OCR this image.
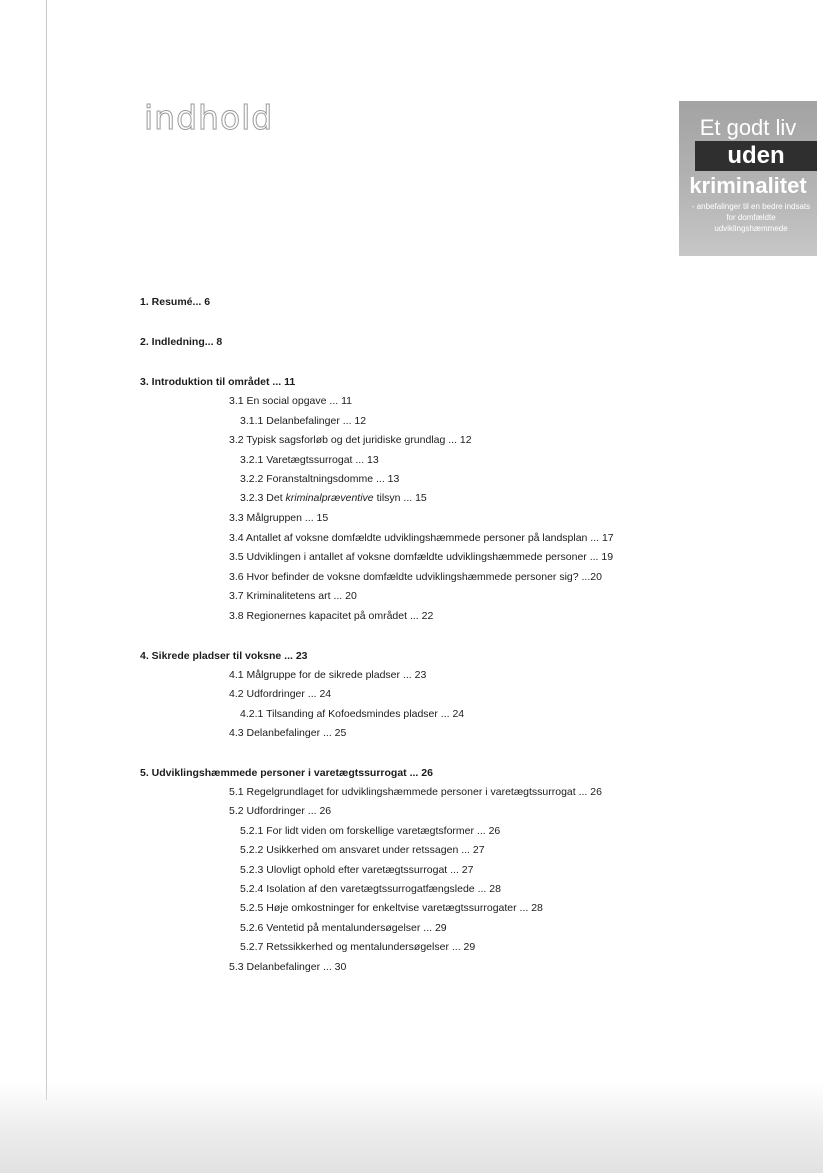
indhold	Et godt liv
uden
kriminalitet
- anbefalinger til en bedre indsats for domfældte udviklingshæmmede
1. Resumé... 6
2. Indledning... 8
3. Introduktion til området ... 11
3.1 En social opgave ... 11
3.1.1 Delanbefalinger ... 12
3.2 Typisk sagsforløb og det juridiske grundlag ... 12
3.2.1 Varetægtssurrogat ... 13
3.2.2 Foranstaltningsdomme ... 13
3.2.3 Det kriminalpræventive tilsyn ... 15
3.3 Målgruppen ... 15
3.4 Antallet af voksne domfældte udviklingshæmmede personer på landsplan ... 17
3.5 Udviklingen i antallet af voksne domfældte udviklingshæmmede personer ... 19
3.6 Hvor befinder de voksne domfældte udviklingshæmmede personer sig? ...20
3.7 Kriminalitetens art ... 20
3.8 Regionernes kapacitet på området ... 22
4. Sikrede pladser til voksne ... 23
4.1 Målgruppe for de sikrede pladser ... 23
4.2 Udfordringer ... 24
4.2.1 Tilsanding af Kofoedsmindes pladser ... 24
4.3 Delanbefalinger ... 25
5. Udviklingshæmmede personer i varetægtssurrogat ... 26
5.1 Regelgrundlaget for udviklingshæmmede personer i varetægtssurrogat ... 26
5.2 Udfordringer ... 26
5.2.1 For lidt viden om forskellige varetægtsformer ... 26
5.2.2 Usikkerhed om ansvaret under retssagen ... 27
5.2.3 Ulovligt ophold efter varetægtssurrogat ... 27
5.2.4 Isolation af den varetægtssurrogatfængslede ... 28
5.2.5 Høje omkostninger for enkeltvise varetægtssurrogater ... 28
5.2.6 Ventetid på mentalundersøgelser ... 29
5.2.7 Retssikkerhed og mentalundersøgelser ... 29
5.3 Delanbefalinger ... 30
